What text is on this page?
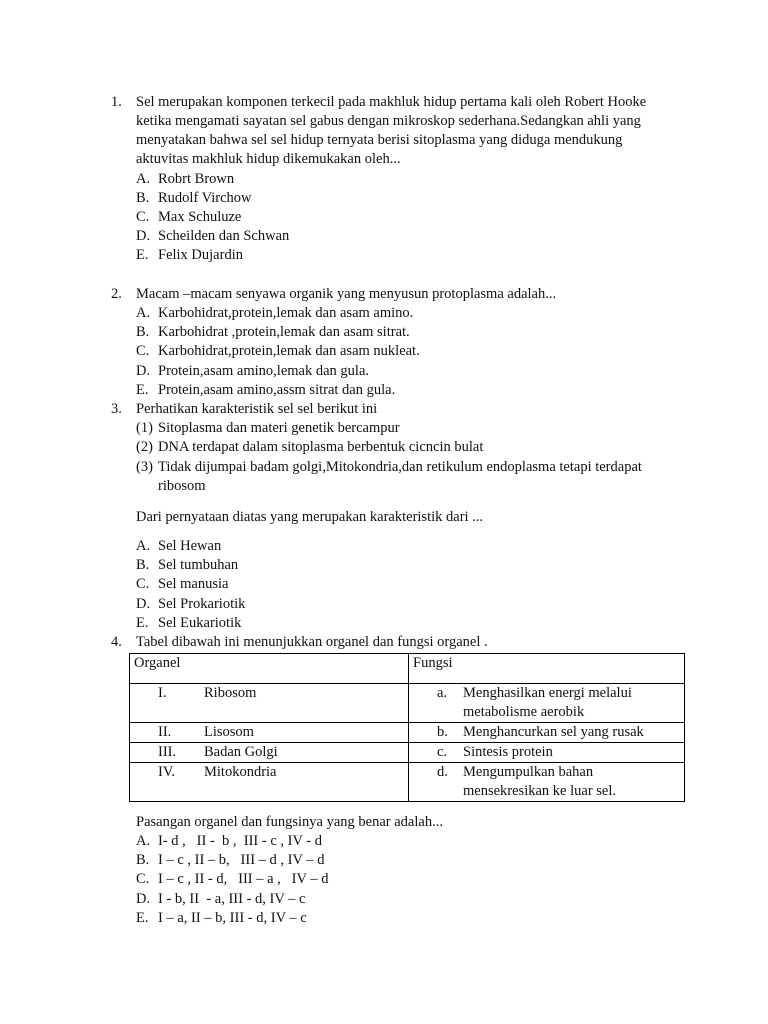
1. Sel merupakan komponen terkecil pada makhluk hidup pertama kali oleh Robert Hooke
ketika mengamati sayatan sel gabus dengan mikroskop sederhana.Sedangkan ahli yang
menyatakan bahwa sel sel hidup ternyata berisi sitoplasma yang diduga mendukung
aktuvitas makhluk hidup dikemukakan oleh...
A. Robrt Brown
B. Rudolf Virchow
C. Max Schuluze
D. Scheilden dan Schwan
E. Felix Dujardin
2. Macam –macam senyawa organik yang menyusun protoplasma adalah...
A. Karbohidrat,protein,lemak dan asam amino.
B. Karbohidrat ,protein,lemak dan asam sitrat.
C. Karbohidrat,protein,lemak dan asam nukleat.
D. Protein,asam amino,lemak dan gula.
E. Protein,asam amino,assm sitrat dan gula.
3. Perhatikan karakteristik sel sel berikut ini
(1) Sitoplasma dan materi genetik bercampur
(2) DNA terdapat dalam sitoplasma berbentuk cicncin bulat
(3) Tidak dijumpai badam golgi,Mitokondria,dan retikulum endoplasma tetapi terdapat
ribosom
Dari pernyataan diatas yang merupakan karakteristik dari ...
A. Sel Hewan
B. Sel tumbuhan
C. Sel manusia
D. Sel Prokariotik
E. Sel Eukariotik
4. Tabel dibawah ini menunjukkan organel dan fungsi organel .
Organel	Fungsi
I. Ribosom	a. Menghasilkan energi melalui
metabolisme aerobik
II. Lisosom	b. Menghancurkan sel yang rusak
III. Badan Golgi	c. Sintesis protein
IV. Mitokondria	d. Mengumpulkan bahan
mensekresikan ke luar sel.
Pasangan organel dan fungsinya yang benar adalah...
A. I- d ,   II -  b ,  III - c , IV - d
B. I – c , II – b,   III – d , IV – d
C. I – c , II - d,   III – a ,   IV – d
D. I - b, II  - a, III - d, IV – c
E. I – a, II – b, III - d, IV – c
